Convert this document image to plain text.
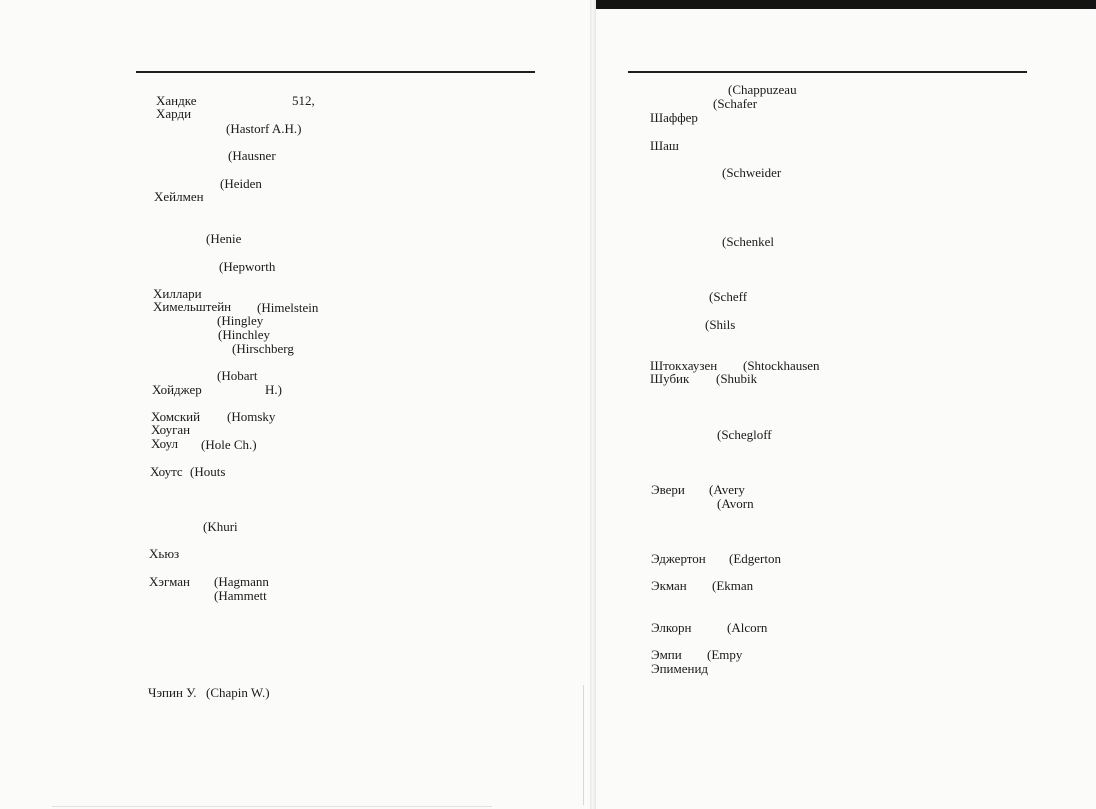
Хандке	512,
Харди
(Hastorf A.H.)
(Hausner
(Heiden
Хейлмен
(Henie
(Hepworth
Хиллари
Химельштейн (Himelstein
(Hingley
(Hinchley
(Hirschberg
(Hobart
Хойджер	Н.)
Хомский (Homsky
Хоуган
Хоул (Hole Ch.)
Хоутс (Houts
(Khuri
Хьюз
Хэгман (Hagmann
(Hammett
Чэпин У. (Chapin W.)
(Chappuzeau
(Schafer
Шаффер
Шаш
(Schweider
(Schenkel
(Scheff
(Shils
Штокхаузен (Shtockhausen
Шубик (Shubik
(Schegloff
Эвери (Avery
(Avorn
Эджертон (Edgerton
Экман (Ekman
Элкорн	(Alcorn
Эмпи (Empy
Эпименид
